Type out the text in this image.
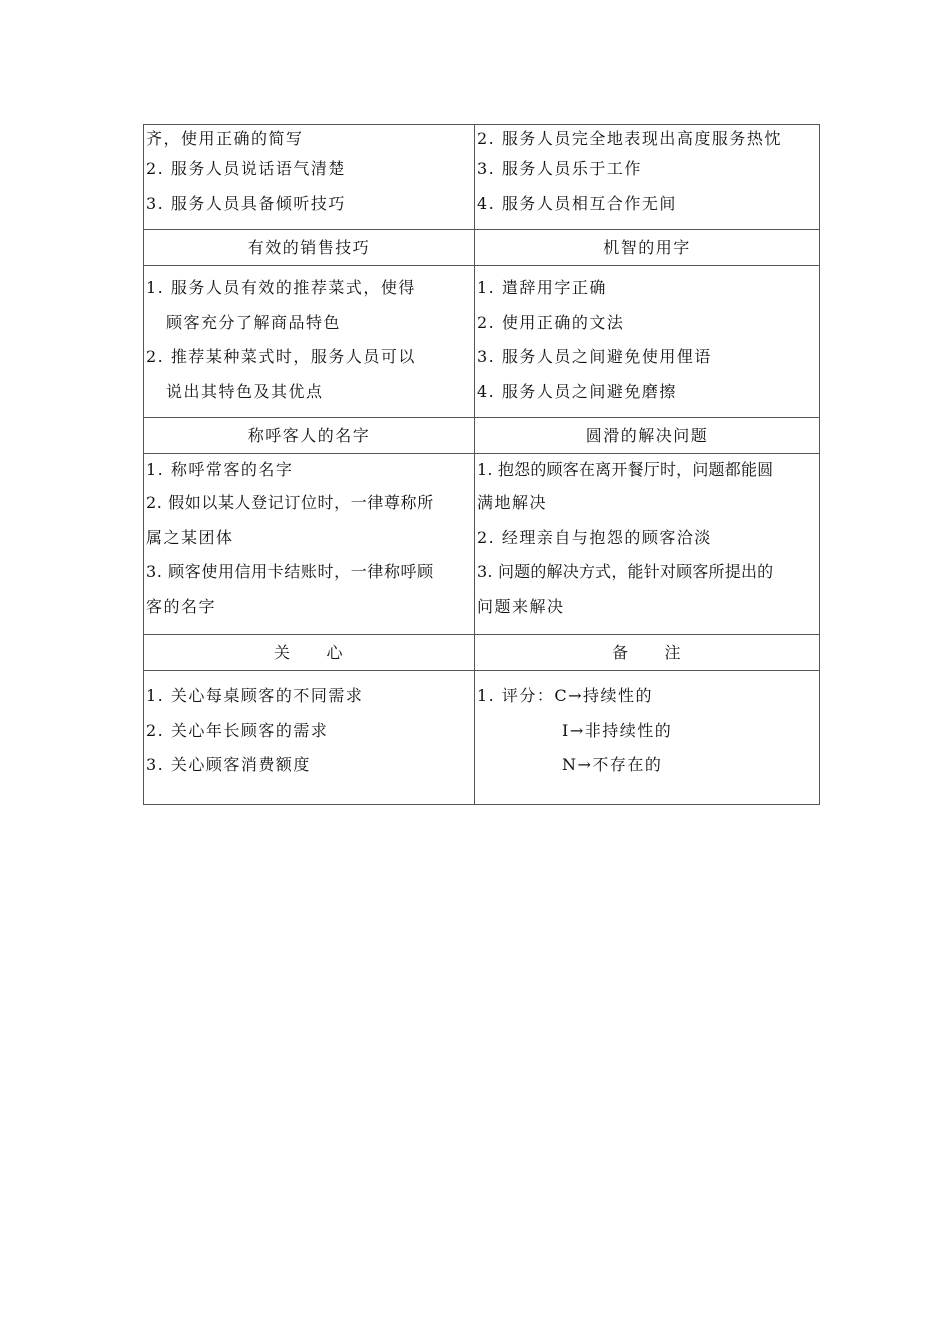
齐，使用正确的简写
2. 服务人员说话语气清楚
3. 服务人员具备倾听技巧	2. 服务人员完全地表现出高度服务热忱
3. 服务人员乐于工作
4. 服务人员相互合作无间

有效的销售技巧	机智的用字

1. 服务人员有效的推荐菜式，使得
顾客充分了解商品特色
2. 推荐某种菜式时，服务人员可以
说出其特色及其优点	1. 遣辞用字正确
2. 使用正确的文法
3. 服务人员之间避免使用俚语
4. 服务人员之间避免磨擦

称呼客人的名字	圆滑的解决问题

1. 称呼常客的名字
2. 假如以某人登记订位时，一律尊称所
属之某团体
3. 顾客使用信用卡结账时，一律称呼顾
客的名字	1. 抱怨的顾客在离开餐厅时，问题都能圆
满地解决
2. 经理亲自与抱怨的顾客洽淡
3. 问题的解决方式，能针对顾客所提出的
问题来解决

关　　心	备　　注

1. 关心每桌顾客的不同需求
2. 关心年长顾客的需求
3. 关心顾客消费额度	1. 评分：C→持续性的
I→非持续性的
N→不存在的
